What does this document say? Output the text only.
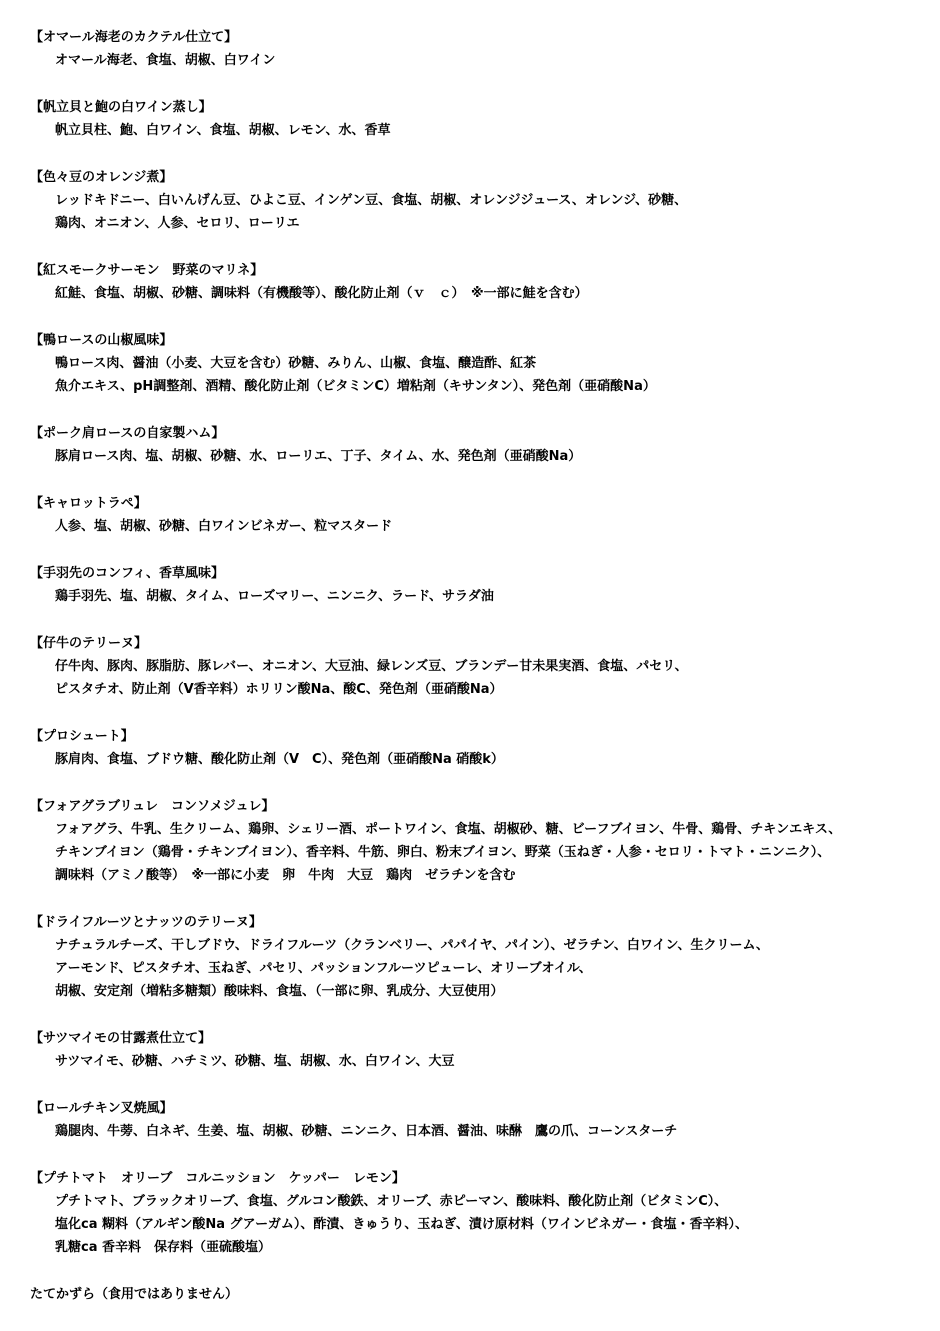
【オマール海老のカクテル仕立て】
オマール海老、食塩、胡椒、白ワイン
【帆立貝と鮑の白ワイン蒸し】
帆立貝柱、鮑、白ワイン、食塩、胡椒、レモン、水、香草
【色々豆のオレンジ煮】
レッドキドニー、白いんげん豆、ひよこ豆、インゲン豆、食塩、胡椒、オレンジジュース、オレンジ、砂糖、
鶏肉、オニオン、人参、セロリ、ローリエ
【紅スモークサーモン　野菜のマリネ】
紅鮭、食塩、胡椒、砂糖、調味料（有機酸等）、酸化防止剤（ｖ　ｃ）　※一部に鮭を含む）
【鴨ロースの山椒風味】
鴨ロース肉、醤油（小麦、大豆を含む）砂糖、みりん、山椒、食塩、醸造酢、紅茶
魚介エキス、pH調整剤、酒精、酸化防止剤（ビタミンC）増粘剤（キサンタン）、発色剤（亜硝酸Na）
【ポーク肩ロースの自家製ハム】
豚肩ロース肉、塩、胡椒、砂糖、水、ローリエ、丁子、タイム、水、発色剤（亜硝酸Na）
【キャロットラペ】
人参、塩、胡椒、砂糖、白ワインビネガー、粒マスタード
【手羽先のコンフィ、香草風味】
鶏手羽先、塩、胡椒、タイム、ローズマリー、ニンニク、ラード、サラダ油
【仔牛のテリーヌ】
仔牛肉、豚肉、豚脂肪、豚レバー、オニオン、大豆油、緑レンズ豆、ブランデー甘未果実酒、食塩、パセリ、
ピスタチオ、防止剤（V香辛料）ホリリン酸Na、酸C、発色剤（亜硝酸Na）
【プロシュート】
豚肩肉、食塩、ブドウ糖、酸化防止剤（V　C）、発色剤（亜硝酸Na 硝酸k）
【フォアグラブリュレ　コンソメジュレ】
フォアグラ、牛乳、生クリーム、鶏卵、シェリー酒、ポートワイン、食塩、胡椒砂、糖、ビーフブイヨン、牛骨、鶏骨、チキンエキス、
チキンブイヨン（鶏骨・チキンブイヨン）、香辛料、牛筋、卵白、粉末ブイヨン、野菜（玉ねぎ・人参・セロリ・トマト・ニンニク）、
調味料（アミノ酸等）　※一部に小麦　卵　牛肉　大豆　鶏肉　ゼラチンを含む
【ドライフルーツとナッツのテリーヌ】
ナチュラルチーズ、干しブドウ、ドライフルーツ（クランベリー、パパイヤ、パイン）、ゼラチン、白ワイン、生クリーム、
アーモンド、ピスタチオ、玉ねぎ、パセリ、パッションフルーツピューレ、オリーブオイル、
胡椒、安定剤（増粘多糖類）酸味料、食塩、（一部に卵、乳成分、大豆使用）
【サツマイモの甘露煮仕立て】
サツマイモ、砂糖、ハチミツ、砂糖、塩、胡椒、水、白ワイン、大豆
【ロールチキン叉焼風】
鶏腿肉、牛蒡、白ネギ、生姜、塩、胡椒、砂糖、ニンニク、日本酒、醤油、味醂　鷹の爪、コーンスターチ
【プチトマト　オリーブ　コルニッション　ケッパー　レモン】
プチトマト、ブラックオリーブ、食塩、グルコン酸鉄、オリーブ、赤ピーマン、酸味料、酸化防止剤（ビタミンC）、
塩化ca 糊料（アルギン酸Na グアーガム）、酢漬、きゅうり、玉ねぎ、漬け原材料（ワインビネガー・食塩・香辛料）、
乳糖ca 香辛料　保存料（亜硫酸塩）
たてかずら（食用ではありません）
